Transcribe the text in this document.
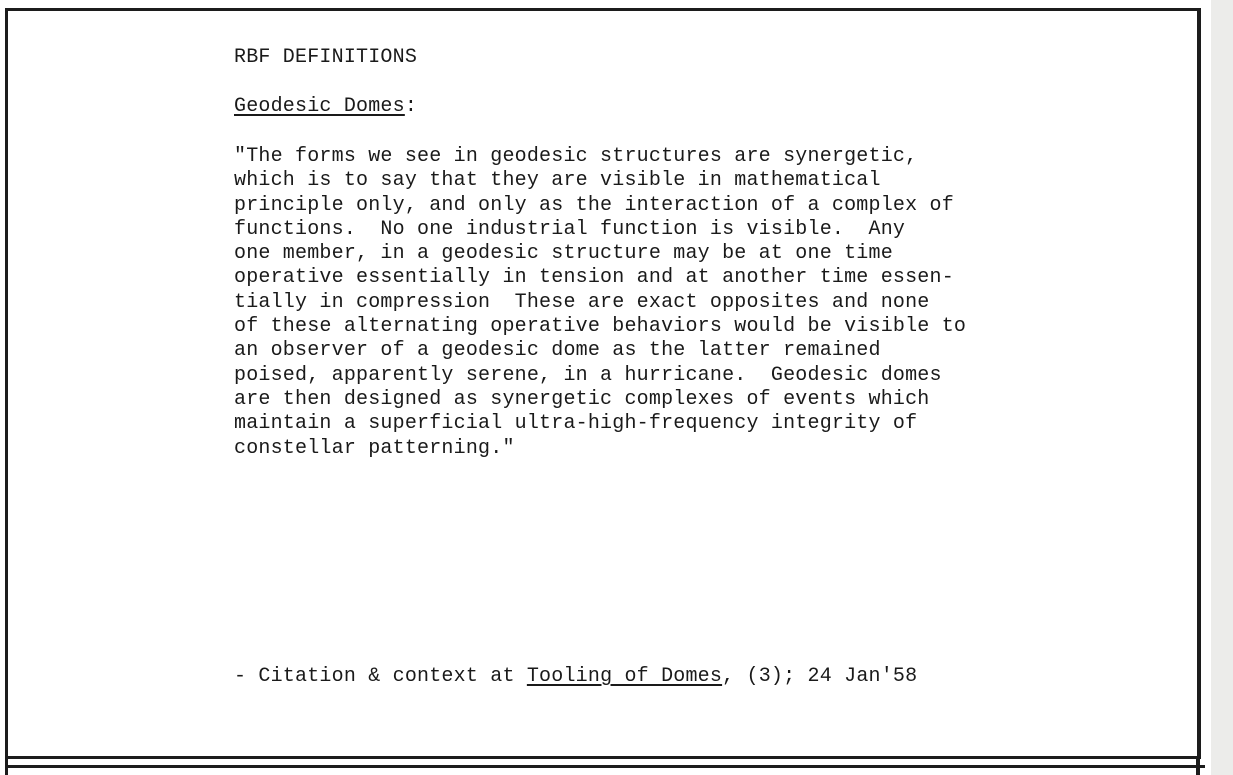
RBF DEFINITIONS

Geodesic Domes:

"The forms we see in geodesic structures are synergetic,
which is to say that they are visible in mathematical
principle only, and only as the interaction of a complex of
functions.  No one industrial function is visible.  Any
one member, in a geodesic structure may be at one time
operative essentially in tension and at another time essen-
tially in compression  These are exact opposites and none
of these alternating operative behaviors would be visible to
an observer of a geodesic dome as the latter remained
poised, apparently serene, in a hurricane.  Geodesic domes
are then designed as synergetic complexes of events which
maintain a superficial ultra-high-frequency integrity of
constellar patterning."

- Citation & context at Tooling of Domes, (3); 24 Jan'58
